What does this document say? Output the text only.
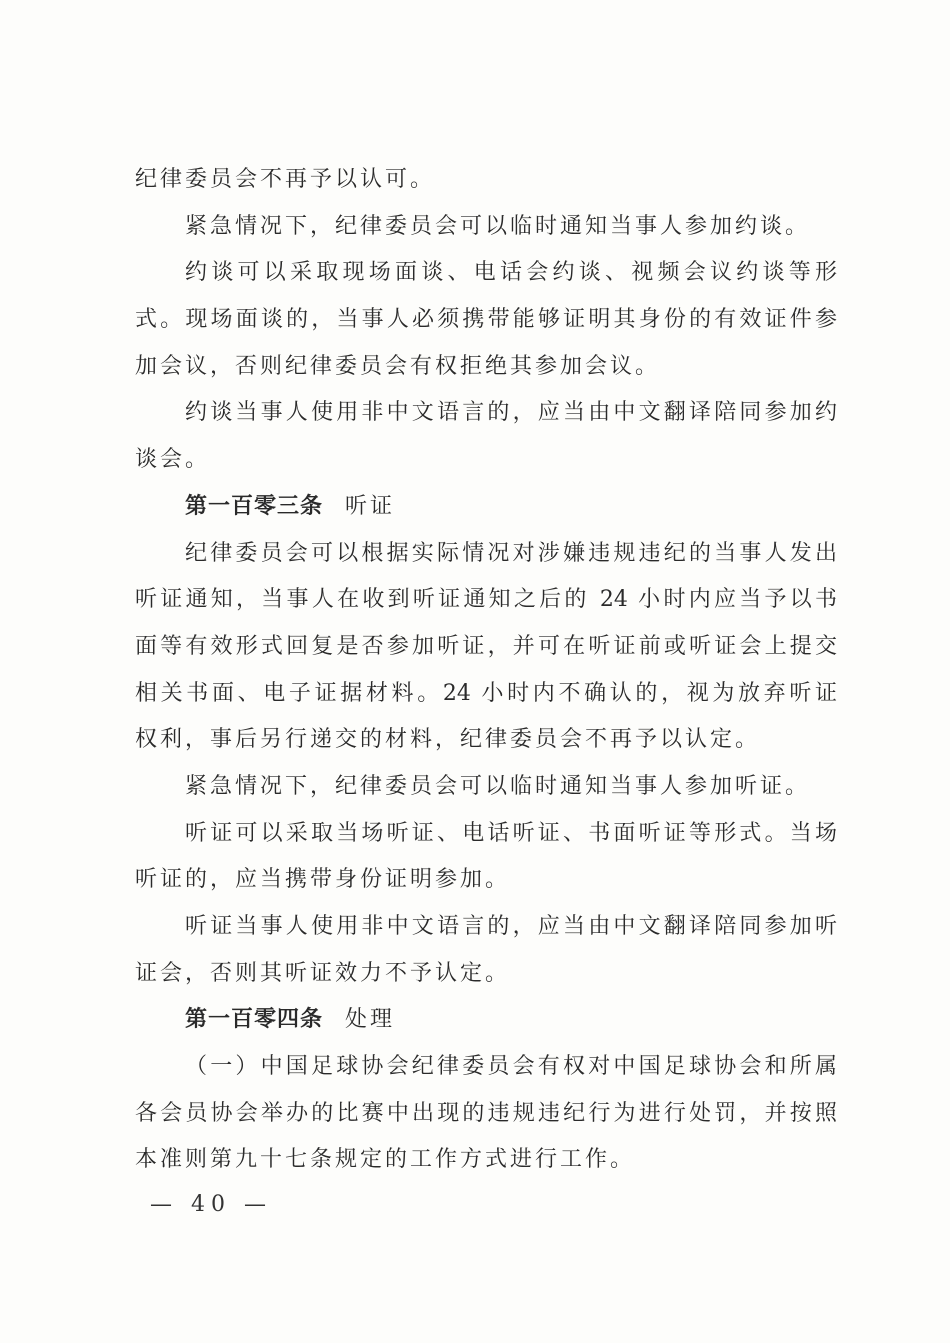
纪律委员会不再予以认可。
紧急情况下，纪律委员会可以临时通知当事人参加约谈。
约谈可以采取现场面谈、电话会约谈、视频会议约谈等形
式。现场面谈的，当事人必须携带能够证明其身份的有效证件参
加会议，否则纪律委员会有权拒绝其参加会议。
约谈当事人使用非中文语言的，应当由中文翻译陪同参加约
谈会。
第一百零三条 听证
纪律委员会可以根据实际情况对涉嫌违规违纪的当事人发出
听证通知，当事人在收到听证通知之后的 24 小时内应当予以书
面等有效形式回复是否参加听证，并可在听证前或听证会上提交
相关书面、电子证据材料。24 小时内不确认的，视为放弃听证
权利，事后另行递交的材料，纪律委员会不再予以认定。
紧急情况下，纪律委员会可以临时通知当事人参加听证。
听证可以采取当场听证、电话听证、书面听证等形式。当场
听证的，应当携带身份证明参加。
听证当事人使用非中文语言的，应当由中文翻译陪同参加听
证会，否则其听证效力不予认定。
第一百零四条 处理
（一）中国足球协会纪律委员会有权对中国足球协会和所属
各会员协会举办的比赛中出现的违规违纪行为进行处罚，并按照
本准则第九十七条规定的工作方式进行工作。
— 40 —
